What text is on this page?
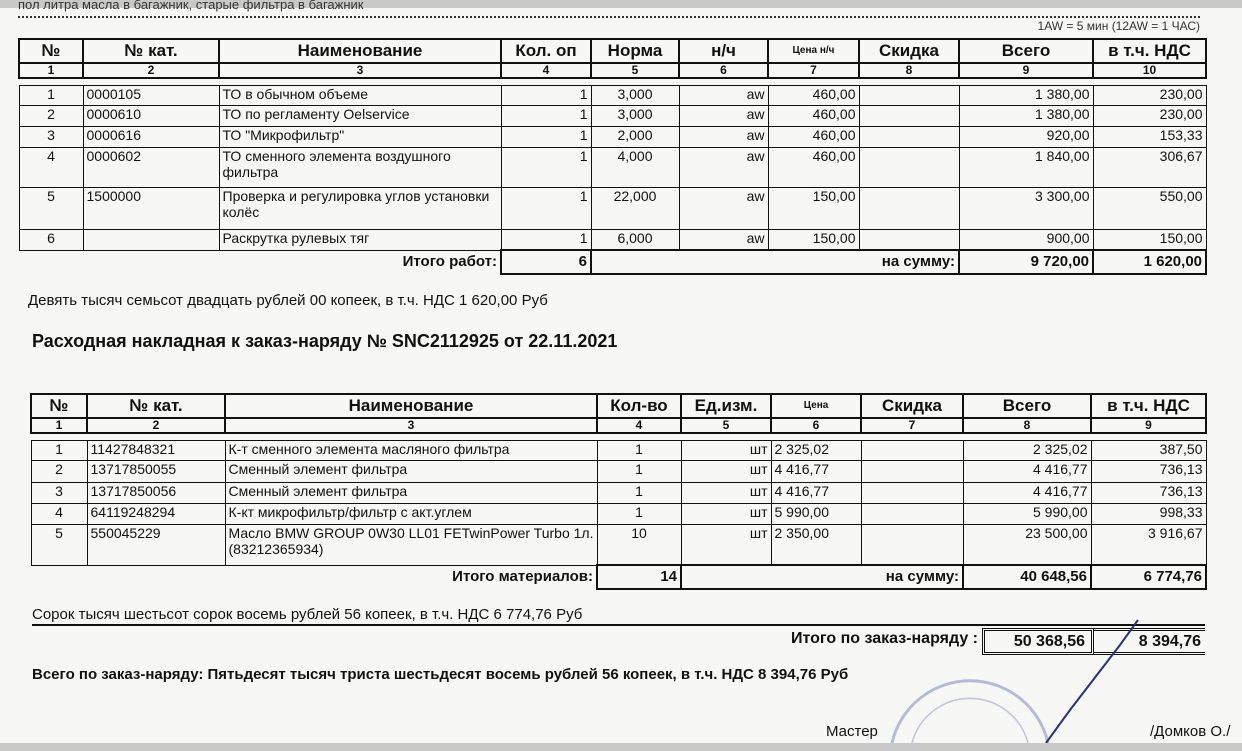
пол литра масла в багажник, старые фильтра в багажник
1AW = 5 мин (12AW = 1 ЧАС)
№	№ кат.	Наименование	Кол. оп	Норма	н/ч	Цена н/ч	Скидка	Всего	в т.ч. НДС
1	2	3	4	5	6	7	8	9	10

1	0000105	ТО в обычном объеме	1	3,000	aw	460,00		1 380,00	230,00
2	0000610	ТО по регламенту Oelservice	1	3,000	aw	460,00		1 380,00	230,00
3	0000616	ТО "Микрофильтр"	1	2,000	aw	460,00		920,00	153,33
4	0000602	ТО сменного элемента воздушного фильтра	1	4,000	aw	460,00		1 840,00	306,67
5	1500000	Проверка и регулировка углов установки колёс	1	22,000	aw	150,00		3 300,00	550,00
6		Раскрутка рулевых тяг	1	6,000	aw	150,00		900,00	150,00
Итого работ:			6	на сумму:				9 720,00	1 620,00
Девять тысяч семьсот двадцать рублей 00 копеек, в т.ч. НДС 1 620,00 Руб
Расходная накладная к заказ-наряду № SNC2112925 от 22.11.2021
№	№ кат.	Наименование	Кол-во	Ед.изм.	Цена	Скидка	Всего	в т.ч. НДС
1	2	3	4	5	6	7	8	9

1	11427848321	К-т сменного элемента масляного фильтра	1	шт	2 325,02		2 325,02	387,50
2	13717850055	Сменный элемент фильтра	1	шт	4 416,77		4 416,77	736,13
3	13717850056	Сменный элемент фильтра	1	шт	4 416,77		4 416,77	736,13
4	64119248294	К-кт микрофильтр/фильтр с акт.углем	1	шт	5 990,00		5 990,00	998,33
5	550045229	Масло BMW GROUP 0W30 LL01 FETwinPower Turbo 1л. (83212365934)	10	шт	2 350,00		23 500,00	3 916,67
Итого материалов:			14	на сумму:			40 648,56	6 774,76
Сорок тысяч шестьсот сорок восемь рублей 56 копеек, в т.ч. НДС 6 774,76 Руб
Итого по заказ-наряду :	50 368,56	8 394,76
Всего по заказ-наряду: Пятьдесят тысяч триста шестьдесят восемь рублей 56 копеек, в т.ч. НДС 8 394,76 Руб
Мастер	/Домков О./
